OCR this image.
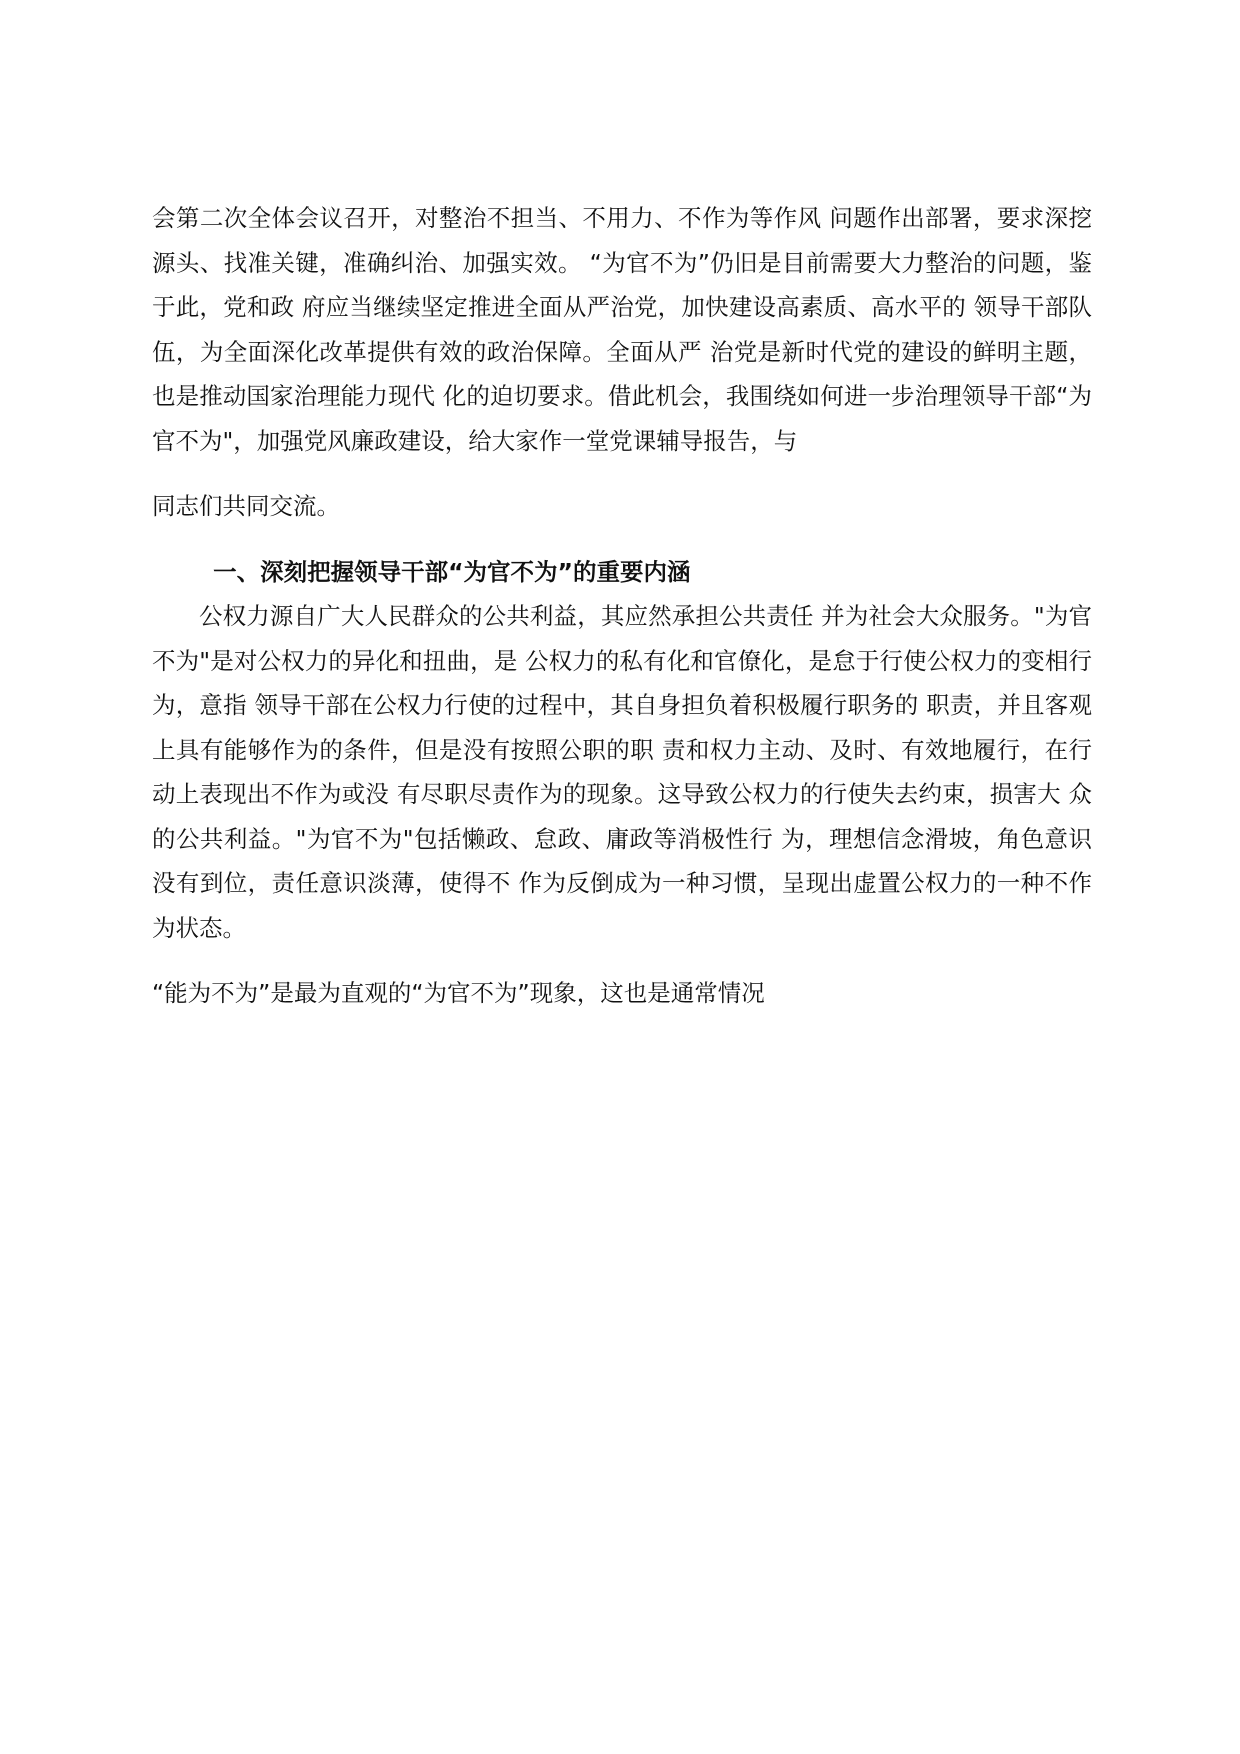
会第二次全体会议召开，对整治不担当、不用力、不作为等作风 问题作出部署，要求深挖源头、找准关键，准确纠治、加强实效。 “为官不为”仍旧是目前需要大力整治的问题，鉴于此，党和政 府应当继续坚定推进全面从严治党，加快建设高素质、高水平的 领导干部队伍，为全面深化改革提供有效的政治保障。全面从严 治党是新时代党的建设的鲜明主题，也是推动国家治理能力现代 化的迫切要求。借此机会，我围绕如何进一步治理领导干部“为 官不为"，加强党风廉政建设，给大家作一堂党课辅导报告，与

同志们共同交流。

一、深刻把握领导干部“为官不为”的重要内涵

公权力源自广大人民群众的公共利益，其应然承担公共责任 并为社会大众服务。"为官不为"是对公权力的异化和扭曲，是 公权力的私有化和官僚化，是怠于行使公权力的变相行为，意指 领导干部在公权力行使的过程中，其自身担负着积极履行职务的 职责，并且客观上具有能够作为的条件，但是没有按照公职的职 责和权力主动、及时、有效地履行，在行动上表现出不作为或没 有尽职尽责作为的现象。这导致公权力的行使失去约束，损害大 众的公共利益。"为官不为"包括懒政、怠政、庸政等消极性行 为，理想信念滑坡，角色意识没有到位，责任意识淡薄，使得不 作为反倒成为一种习惯，呈现出虚置公权力的一种不作为状态。

“能为不为”是最为直观的“为官不为”现象，这也是通常情况
